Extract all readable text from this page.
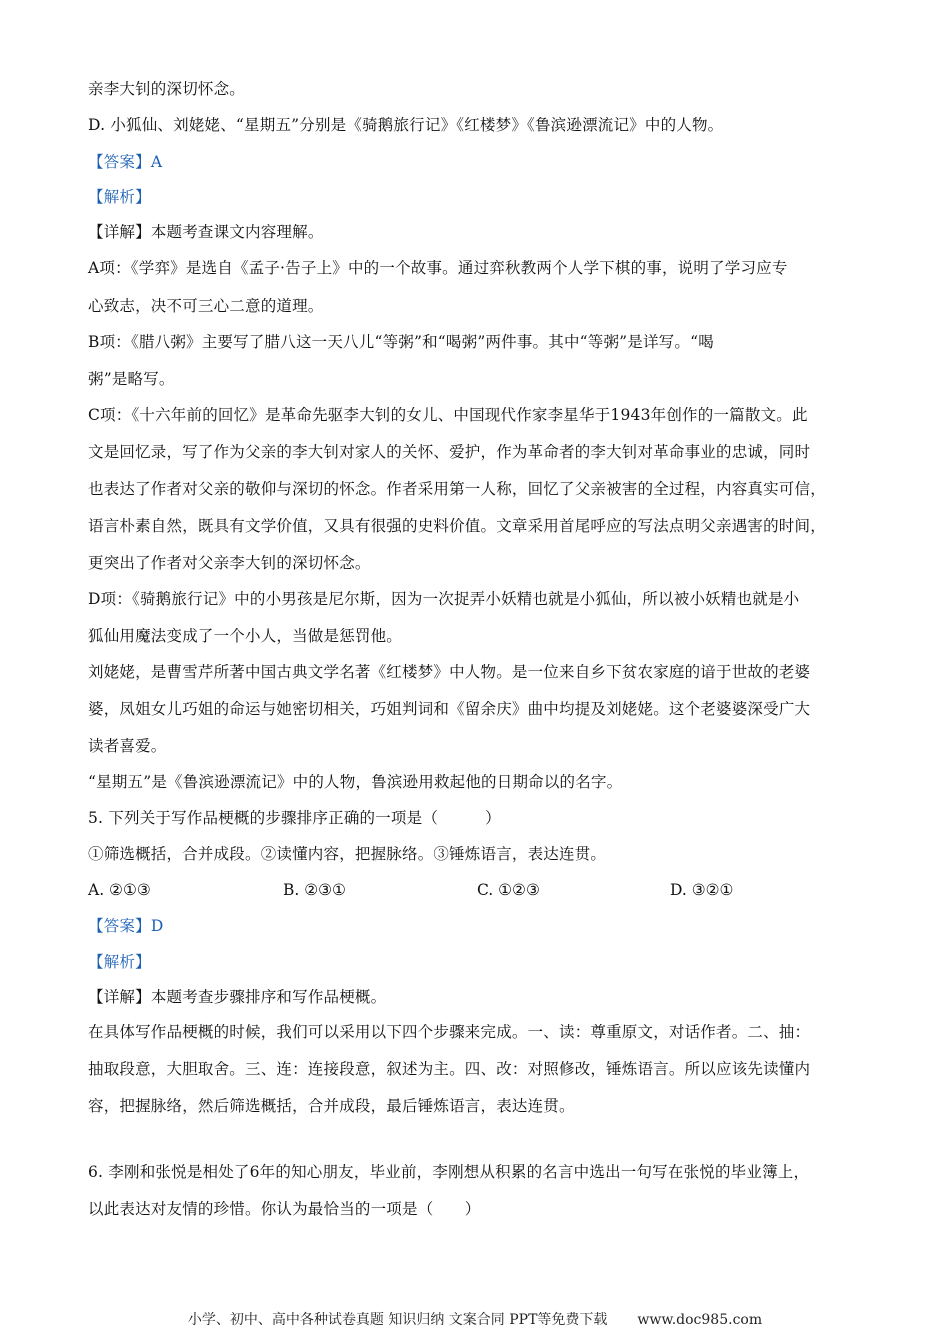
亲李大钊的深切怀念。
D. 小狐仙、刘姥姥、“星期五”分别是《骑鹅旅行记》《红楼梦》《鲁滨逊漂流记》中的人物。
【答案】A
【解析】
【详解】本题考查课文内容理解。
A项：《学弈》是选自《孟子·告子上》中的一个故事。通过弈秋教两个人学下棋的事，说明了学习应专
心致志，决不可三心二意的道理。
B项：《腊八粥》主要写了腊八这一天八儿“等粥”和“喝粥”两件事。其中“等粥”是详写。“喝
粥”是略写。
C项：《十六年前的回忆》是革命先驱李大钊的女儿、中国现代作家李星华于1943年创作的一篇散文。此
文是回忆录，写了作为父亲的李大钊对家人的关怀、爱护，作为革命者的李大钊对革命事业的忠诚，同时
也表达了作者对父亲的敬仰与深切的怀念。作者采用第一人称，回忆了父亲被害的全过程，内容真实可信，
语言朴素自然，既具有文学价值，又具有很强的史料价值。文章采用首尾呼应的写法点明父亲遇害的时间，
更突出了作者对父亲李大钊的深切怀念。
D项：《骑鹅旅行记》中的小男孩是尼尔斯，因为一次捉弄小妖精也就是小狐仙，所以被小妖精也就是小
狐仙用魔法变成了一个小人，当做是惩罚他。
刘姥姥，是曹雪芹所著中国古典文学名著《红楼梦》中人物。是一位来自乡下贫农家庭的谙于世故的老婆
婆，凤姐女儿巧姐的命运与她密切相关，巧姐判词和《留余庆》曲中均提及刘姥姥。这个老婆婆深受广大
读者喜爱。
“星期五”是《鲁滨逊漂流记》中的人物，鲁滨逊用救起他的日期命以的名字。
5. 下列关于写作品梗概的步骤排序正确的一项是（　　　）
①筛选概括，合并成段。②读懂内容，把握脉络。③锤炼语言，表达连贯。
A. ②①③	B. ②③①	C. ①②③	D. ③②①
【答案】D
【解析】
【详解】本题考查步骤排序和写作品梗概。
在具体写作品梗概的时候，我们可以采用以下四个步骤来完成。一、读：尊重原文，对话作者。二、抽：
抽取段意，大胆取舍。三、连：连接段意，叙述为主。四、改：对照修改，锤炼语言。所以应该先读懂内
容，把握脉络，然后筛选概括，合并成段，最后锤炼语言，表达连贯。
6. 李刚和张悦是相处了6年的知心朋友，毕业前，李刚想从积累的名言中选出一句写在张悦的毕业簿上，
以此表达对友情的珍惜。你认为最恰当的一项是（　　）
小学、初中、高中各种试卷真题 知识归纳 文案合同 PPT等免费下载 www.doc985.com
